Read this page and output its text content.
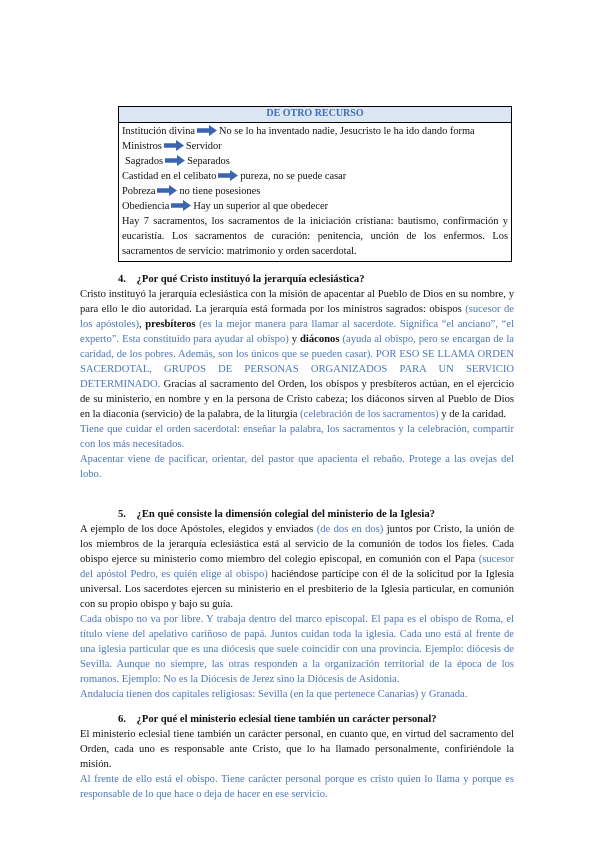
DE OTRO RECURSO
Institución divina No se lo ha inventado nadie, Jesucristo le ha ido dando forma
Ministros Servidor
Sagrados Separados
Castidad en el celibato pureza, no se puede casar
Pobreza no tiene posesiones
Obediencia Hay un superior al que obedecer
Hay 7 sacramentos, los sacramentos de la iniciación cristiana: bautismo, confirmación y eucaristía. Los sacramentos de curación: penitencia, unción de los enfermos. Los sacramentos de servicio: matrimonio y orden sacerdotal.
4. ¿Por qué Cristo instituyó la jerarquía eclesiástica?

Cristo instituyó la jerarquía eclesiástica con la misión de apacentar al Pueblo de Dios en su nombre, y para ello le dio autoridad. La jerarquía está formada por los ministros sagrados: obispos (sucesor de los apóstoles), presbíteros (es la mejor manera para llamar al sacerdote. Significa “el anciano”, “el experto”. Esta constituido para ayudar al obispo) y diáconos (ayuda al obispo, pero se encargan de la caridad, de los pobres. Además, son los únicos que se pueden casar). POR ESO SE LLAMA ORDEN SACERDOTAL, GRUPOS DE PERSONAS ORGANIZADOS PARA UN SERVICIO DETERMINADO. Gracias al sacramento del Orden, los obispos y presbíteros actúan, en el ejercicio de su ministerio, en nombre y en la persona de Cristo cabeza; los diáconos sirven al Pueblo de Dios en la diaconía (servicio) de la palabra, de la liturgia (celebración de los sacramentos) y de la caridad.

Tiene que cuidar el orden sacerdotal: enseñar la palabra, los sacramentos y la celebración, compartir con los más necesitados.

Apacentar viene de pacificar, orientar, del pastor que apacienta el rebaño. Protege a las ovejas del lobo.

5. ¿En qué consiste la dimensión colegial del ministerio de la Iglesia?

A ejemplo de los doce Apóstoles, elegidos y enviados (de dos en dos) juntos por Cristo, la unión de los miembros de la jerarquía eclesiástica está al servicio de la comunión de todos los fieles. Cada obispo ejerce su ministerio como miembro del colegio episcopal, en comunión con el Papa (sucesor del apóstol Pedro, es quién elige al obispo) haciéndose partícipe con él de la solicitud por la Iglesia universal. Los sacerdotes ejercen su ministerio en el presbiterio de la Iglesia particular, en comunión con su propio obispo y bajo su guía.

Cada obispo no va por libre. Y trabaja dentro del marco episcopal. El papa es el obispo de Roma, el título viene del apelativo cariñoso de papá. Juntos cuidan toda la iglesia. Cada uno está al frente de una iglesia particular que es una diócesis que suele coincidir con una provincia. Ejemplo: diócesis de Sevilla. Aunque no siempre, las otras responden a la organización territorial de la época de los romanos. Ejemplo: No es la Diócesis de Jerez sino la Diócesis de Asidonia.

Andalucía tienen dos capitales religiosas: Sevilla (en la que pertenece Canarias) y Granada.

6. ¿Por qué el ministerio eclesial tiene también un carácter personal?

El ministerio eclesial tiene también un carácter personal, en cuanto que, en virtud del sacramento del Orden, cada uno es responsable ante Cristo, que lo ha llamado personalmente, confiriéndole la misión.

Al frente de ello está el obispo. Tiene carácter personal porque es cristo quien lo llama y porque es responsable de lo que hace o deja de hacer en ese servicio.
